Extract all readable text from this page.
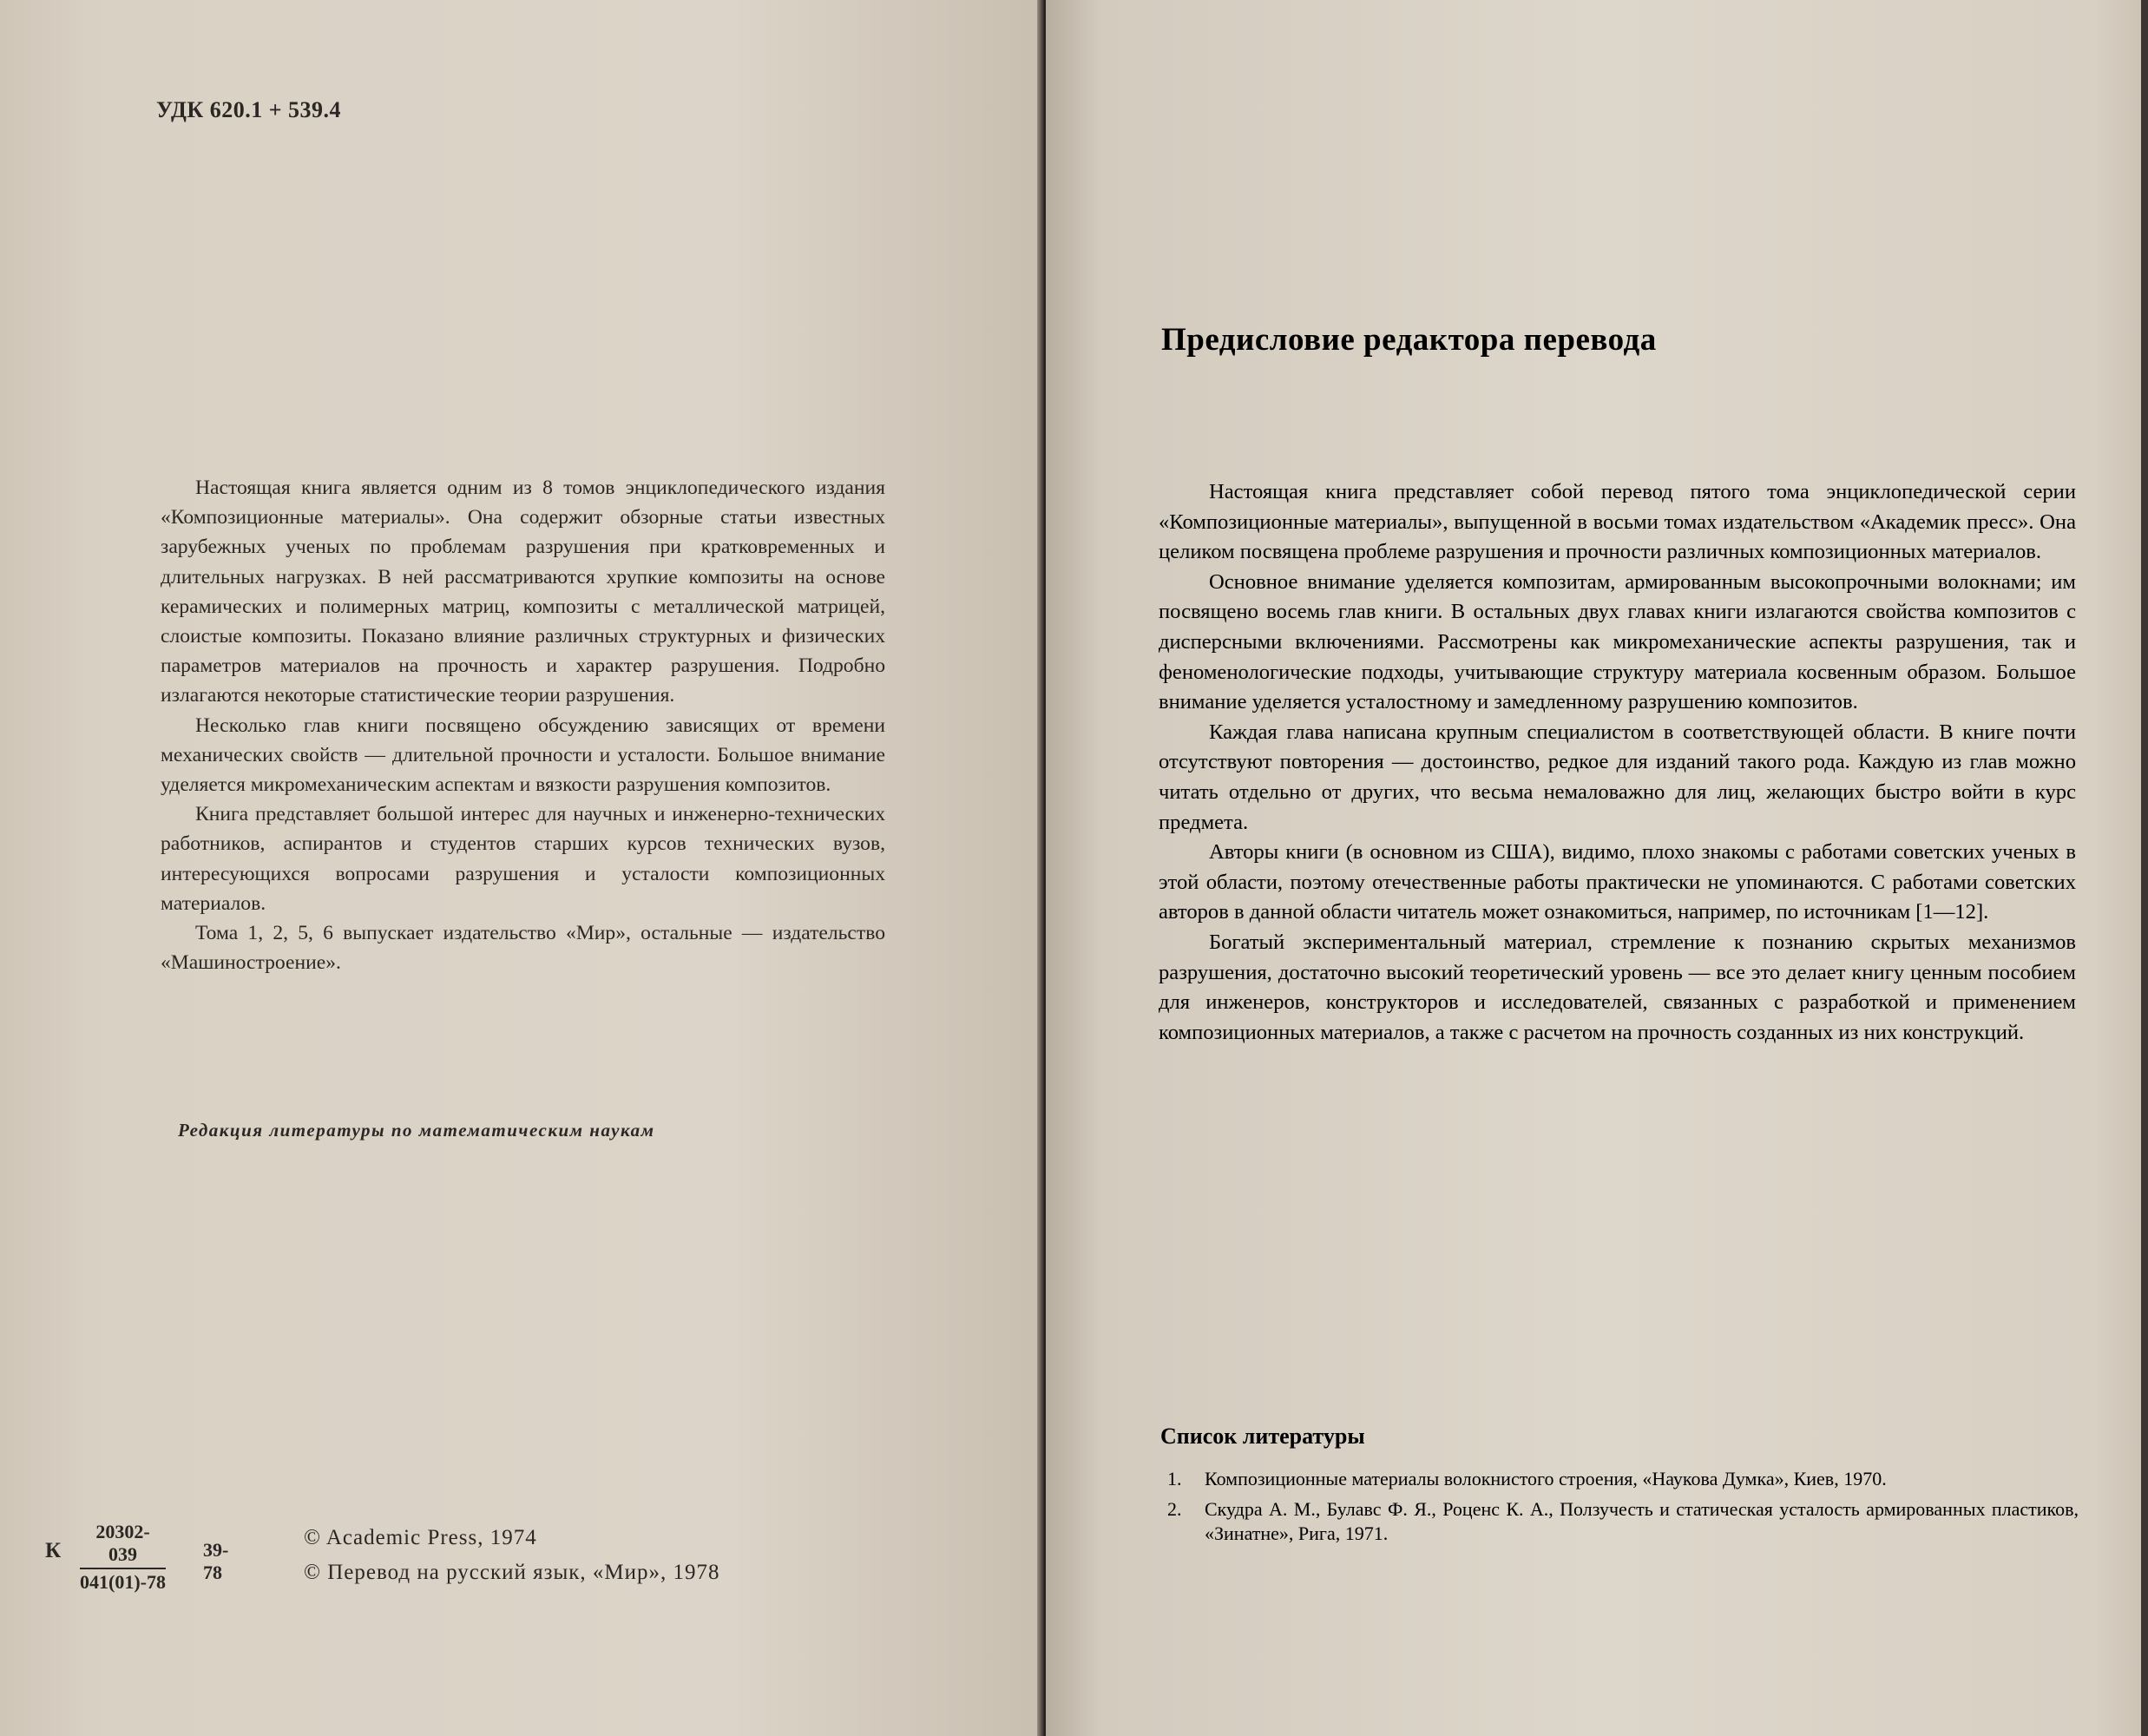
УДК 620.1 + 539.4

Настоящая книга является одним из 8 томов энциклопедического издания «Композиционные материалы». Она содержит обзорные статьи известных зарубежных ученых по проблемам разрушения при кратковременных и длительных нагрузках. В ней рассматриваются хрупкие композиты на основе керамических и полимерных матриц, композиты с металлической матрицей, слоистые композиты. Показано влияние различных структурных и физических параметров материалов на прочность и характер разрушения. Подробно излагаются некоторые статистические теории разрушения.

Несколько глав книги посвящено обсуждению зависящих от времени механических свойств — длительной прочности и усталости. Большое внимание уделяется микромеханическим аспектам и вязкости разрушения композитов.

Книга представляет большой интерес для научных и инженерно-технических работников, аспирантов и студентов старших курсов технических вузов, интересующихся вопросами разрушения и усталости композиционных материалов.

Тома 1, 2, 5, 6 выпускает издательство «Мир», остальные — издательство «Машиностроение».

Редакция литературы по математическим наукам
К $\frac{20302-039}{041(01)-78} 39-78$
© Academic Press, 1974
© Перевод на русский язык, «Мир», 1978
Предисловие редактора перевода

Настоящая книга представляет собой перевод пятого тома энциклопедической серии «Композиционные материалы», выпущенной в восьми томах издательством «Академик пресс». Она целиком посвящена проблеме разрушения и прочности различных композиционных материалов.

Основное внимание уделяется композитам, армированным высокопрочными волокнами; им посвящено восемь глав книги. В остальных двух главах книги излагаются свойства композитов с дисперсными включениями. Рассмотрены как микромеханические аспекты разрушения, так и феноменологические подходы, учитывающие структуру материала косвенным образом. Большое внимание уделяется усталостному и замедленному разрушению композитов.

Каждая глава написана крупным специалистом в соответствующей области. В книге почти отсутствуют повторения — достоинство, редкое для изданий такого рода. Каждую из глав можно читать отдельно от других, что весьма немаловажно для лиц, желающих быстро войти в курс предмета.

Авторы книги (в основном из США), видимо, плохо знакомы с работами советских ученых в этой области, поэтому отечественные работы практически не упоминаются. С работами советских авторов в данной области читатель может ознакомиться, например, по источникам [1—12].

Богатый экспериментальный материал, стремление к познанию скрытых механизмов разрушения, достаточно высокий теоретический уровень — все это делает книгу ценным пособием для инженеров, конструкторов и исследователей, связанных с разработкой и применением композиционных материалов, а также с расчетом на прочность созданных из них конструкций.

Список литературы
1. Композиционные материалы волокнистого строения, «Наукова Думка», Киев, 1970.
2. Скудра А. М., Булавс Ф. Я., Роценс К. А., Ползучесть и статическая усталость армированных пластиков, «Зинатне», Рига, 1971.
